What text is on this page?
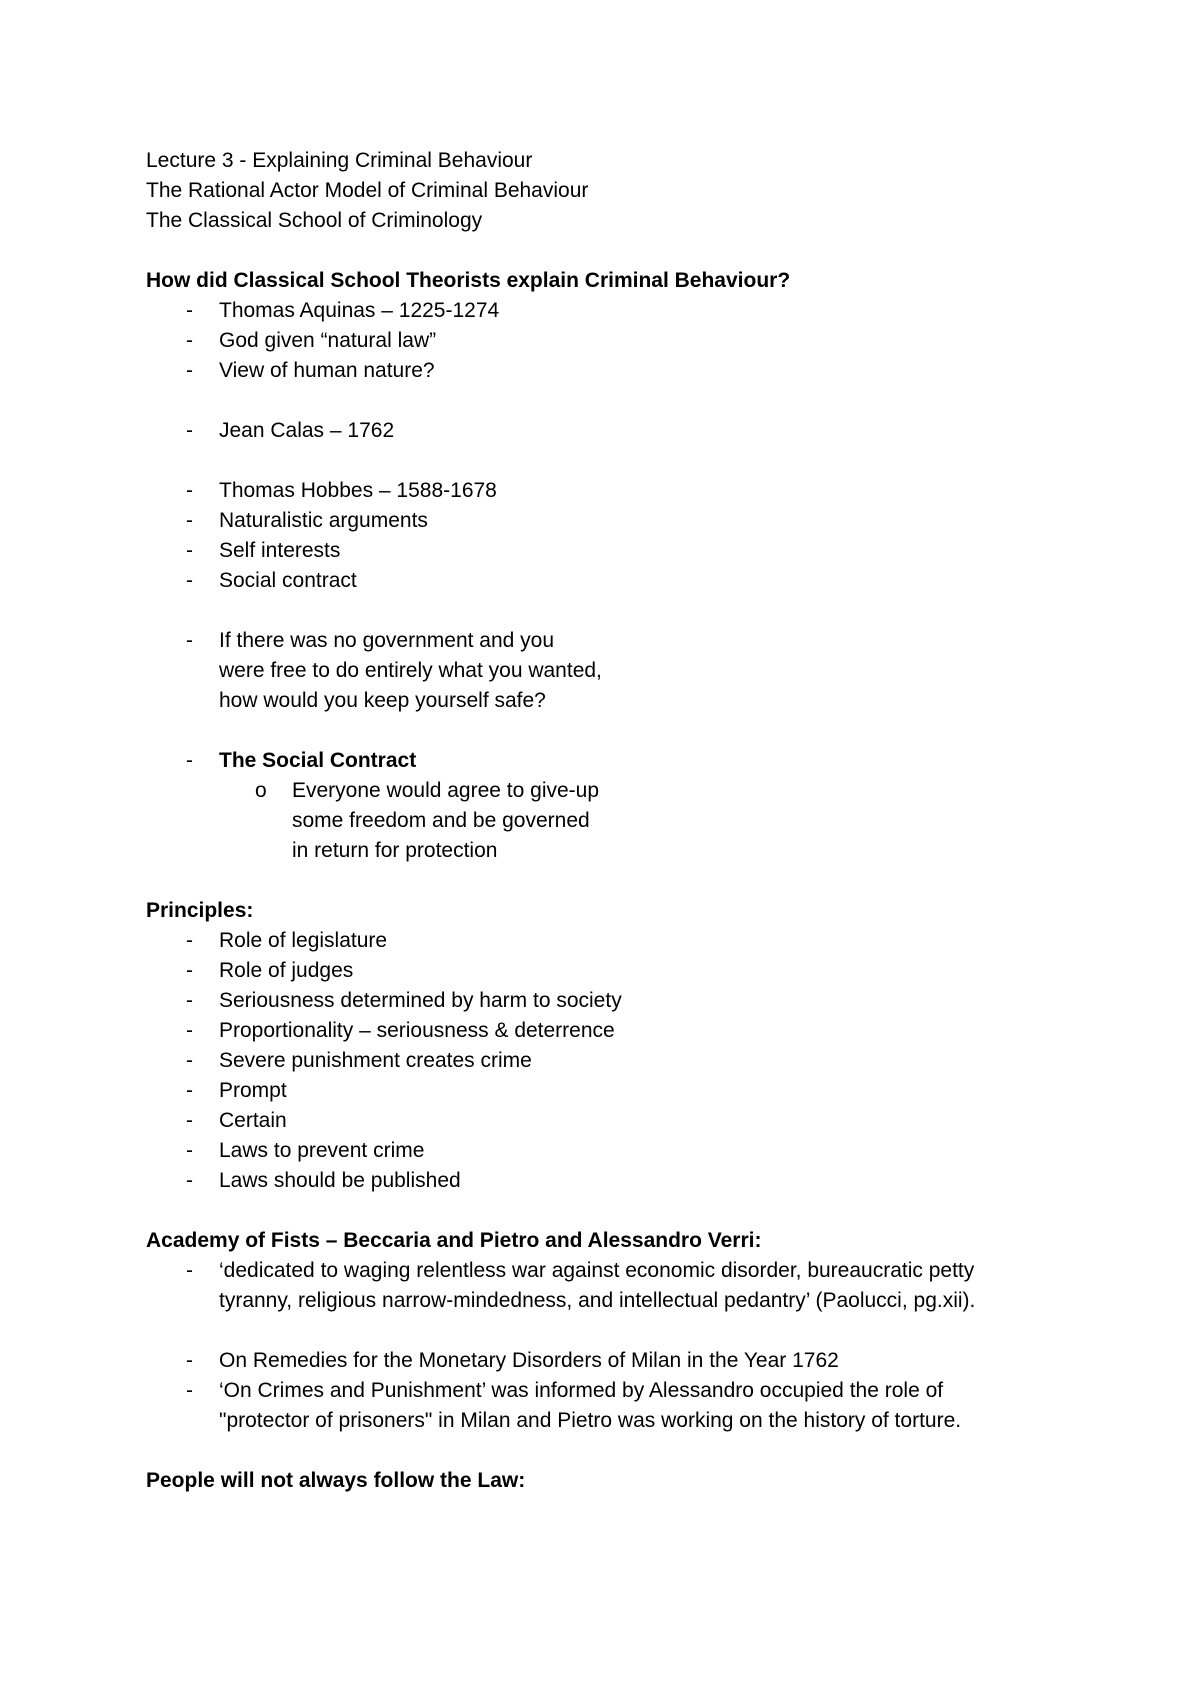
Lecture 3 - Explaining Criminal Behaviour
The Rational Actor Model of Criminal Behaviour
The Classical School of Criminology
How did Classical School Theorists explain Criminal Behaviour?
- Thomas Aquinas – 1225-1274
- God given “natural law”
- View of human nature?
- Jean Calas – 1762
- Thomas Hobbes – 1588-1678
- Naturalistic arguments
- Self interests
- Social contract
- If there was no government and you
were free to do entirely what you wanted,
how would you keep yourself safe?
- The Social Contract
o Everyone would agree to give-up
some freedom and be governed
in return for protection
Principles:
- Role of legislature
- Role of judges
- Seriousness determined by harm to society
- Proportionality – seriousness & deterrence
- Severe punishment creates crime
- Prompt
- Certain
- Laws to prevent crime
- Laws should be published
Academy of Fists – Beccaria and Pietro and Alessandro Verri:
- ‘dedicated to waging relentless war against economic disorder, bureaucratic petty
tyranny, religious narrow-mindedness, and intellectual pedantry’ (Paolucci, pg.xii).
- On Remedies for the Monetary Disorders of Milan in the Year 1762
- ‘On Crimes and Punishment’ was informed by Alessandro occupied the role of
"protector of prisoners" in Milan and Pietro was working on the history of torture.
People will not always follow the Law:
